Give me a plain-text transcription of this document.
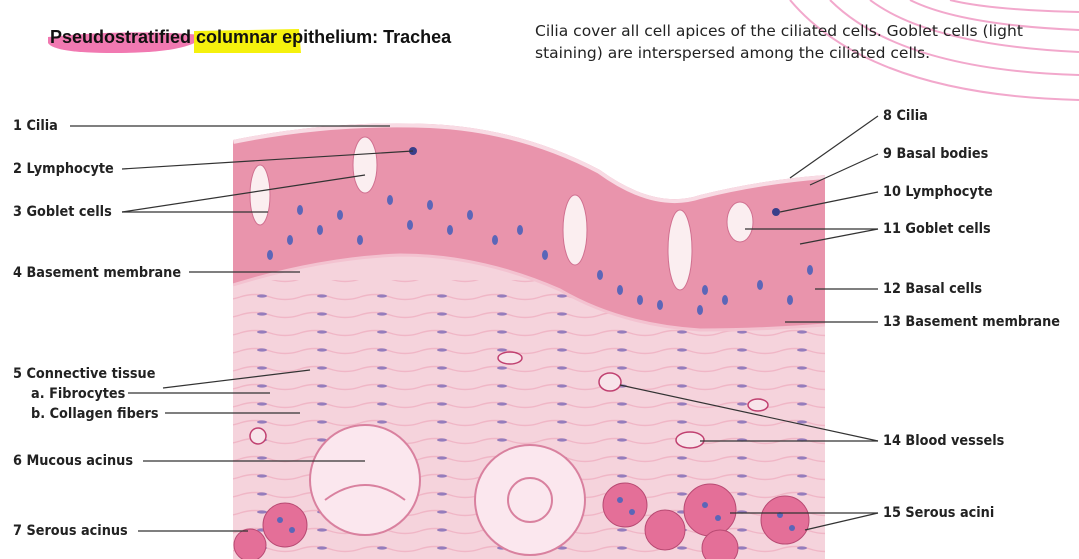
Pseudostratified columnar epithelium: Trachea	Cilia cover all cell apices of the ciliated cells. Goblet cells (light staining) are interspersed among the ciliated cells.
1 Cilia
2 Lymphocyte
3 Goblet cells
4 Basement membrane
5 Connective tissue
a. Fibrocytes
b. Collagen fibers
6 Mucous acinus
7 Serous acinus
8 Cilia
9 Basal bodies
10 Lymphocyte
11 Goblet cells
12 Basal cells
13 Basement membrane
14 Blood vessels
15 Serous acini
